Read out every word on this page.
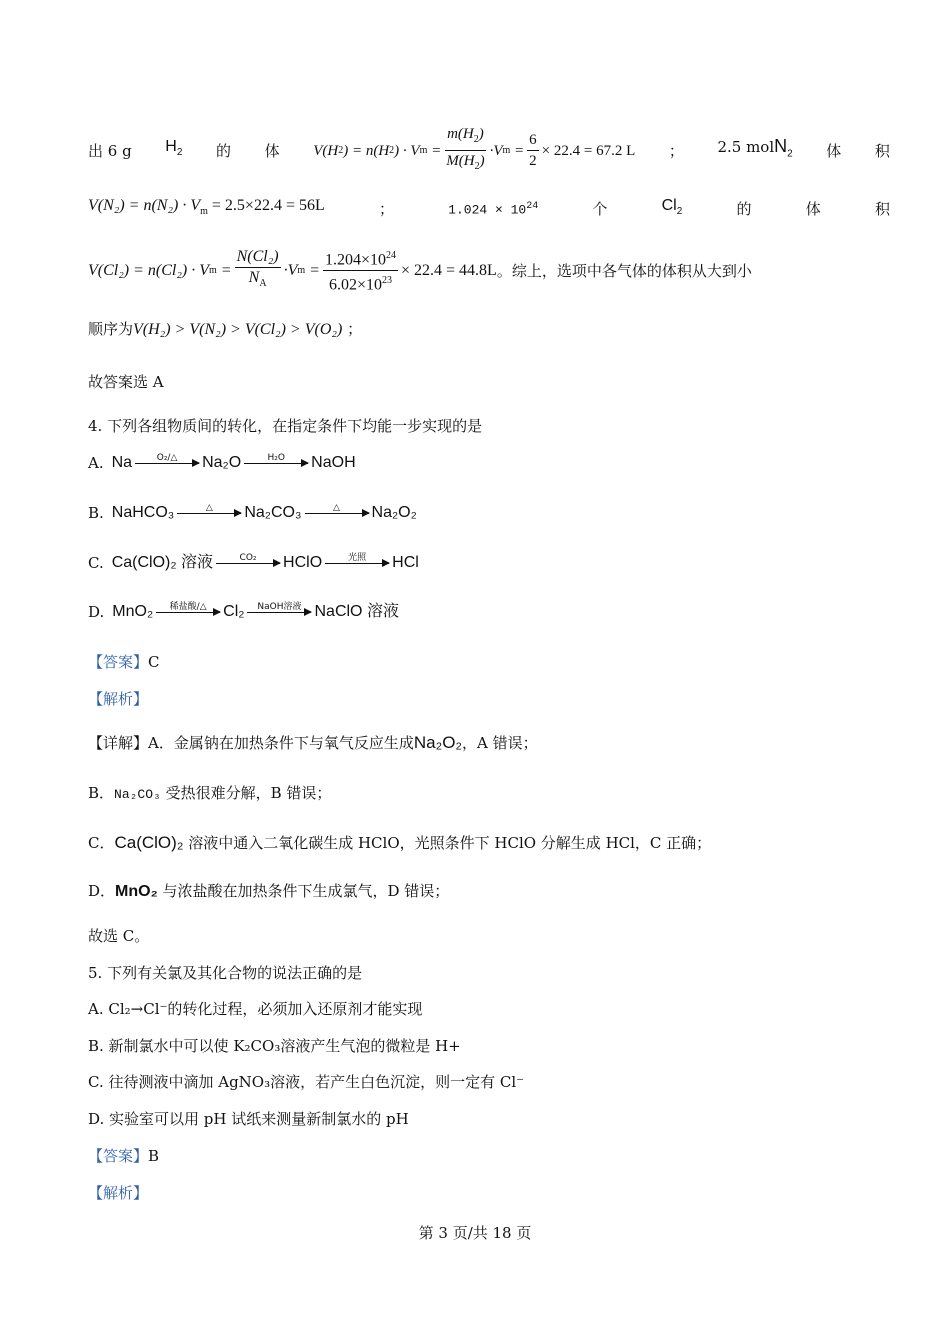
出 6 g $H_2$ 的 体 V(H 2 ) = n(H 2 ) · V $m = \frac{m(H_2)}{M(H_2)} \cdot V$ $m = \frac{6}{2} \times 22.4 = 67.2$ L ； 2.5 molN$_2$ 体 积
$V(N_2) = n(N_2) \cdot V_m = 2.5\times 22.4 = 56L$	；	$1.024 \times 10^{24}$	个	$Cl_2$	的	体	积
V(Cl₂) = n(Cl₂) · V $m = \frac{\text{N(Cl₂)}}{N_A} \cdot V$ $m = \frac{1.204\times 10^{24}}{6.02\times 10^{23}} \times 22.4 = 44.8L$ 。综上，选项中各气体的体积从大到小
顺序为V(H₂) > V(N₂) > V(Cl₂) > V(O₂) ；
故答案选 A
4. 下列各组物质间的转化，在指定条件下均能一步实现的是
A. Na	O₂/△
Na₂O	H₂O
NaOH
B. NaHCO₃	△
Na₂CO₃	△
Na₂O₂
C. Ca(ClO)₂ 溶液	CO₂
HClO	光照
HCl
D. MnO₂ 稀盐酸/△
Cl₂ NaOH溶液
NaClO 溶液
【答案】C
【解析】
【详解】A．金属钠在加热条件下与氧气反应生成Na₂O₂，A 错误；
B．Na₂CO₃ 受热很难分解，B 错误；
C．Ca(ClO)₂ 溶液中通入二氧化碳生成 HClO，光照条件下 HClO 分解生成 HCl，C 正确；
D．MnO₂ 与浓盐酸在加热条件下生成氯气，D 错误；
故选 C。
5. 下列有关氯及其化合物的说法正确的是
A. Cl₂→Cl⁻的转化过程，必须加入还原剂才能实现
B. 新制氯水中可以使 K₂CO₃溶液产生气泡的微粒是 H+
C. 往待测液中滴加 AgNO₃溶液，若产生白色沉淀，则一定有 Cl⁻
D. 实验室可以用 pH 试纸来测量新制氯水的 pH
【答案】B
【解析】
第 3 页/共 18 页
